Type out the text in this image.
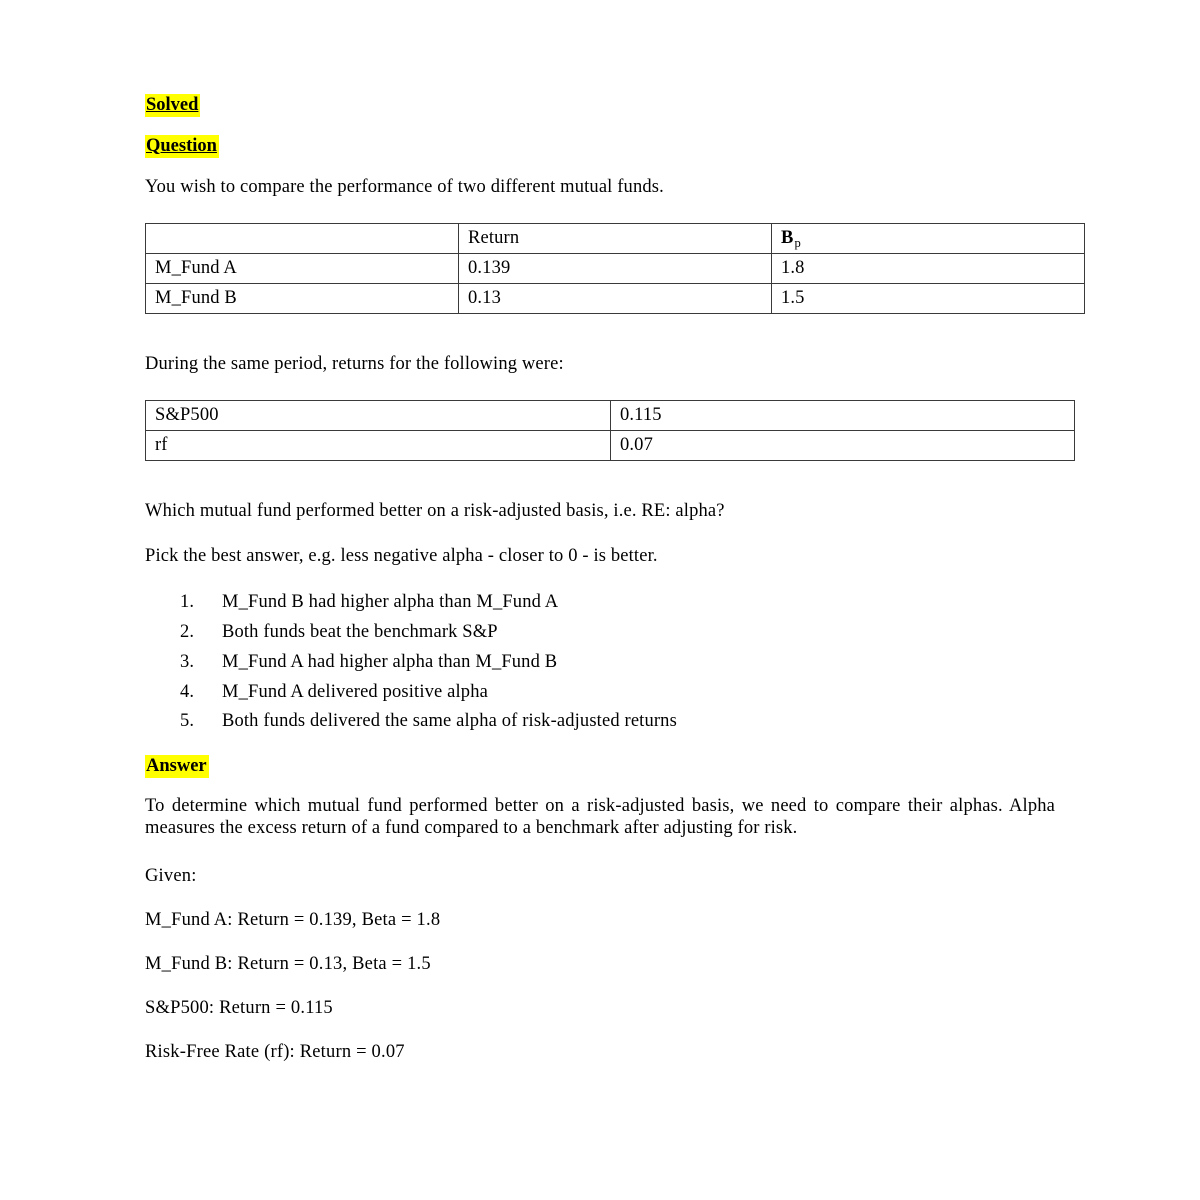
Solved
Question

You wish to compare the performance of two different mutual funds.

	Return	$B_p$
M_Fund A	0.139	1.8
M_Fund B	0.13	1.5

During the same period, returns for the following were:

S&P500	0.115
rf	0.07

Which mutual fund performed better on a risk-adjusted basis, i.e. RE: alpha?

Pick the best answer, e.g. less negative alpha - closer to 0 - is better.

1. M_Fund B had higher alpha than M_Fund A
2. Both funds beat the benchmark S&P
3. M_Fund A had higher alpha than M_Fund B
4. M_Fund A delivered positive alpha
5. Both funds delivered the same alpha of risk-adjusted returns
Answer

To determine which mutual fund performed better on a risk-adjusted basis, we need to compare their alphas. Alpha measures the excess return of a fund compared to a benchmark after adjusting for risk.

Given:

M_Fund A: Return = 0.139, Beta = 1.8

M_Fund B: Return = 0.13, Beta = 1.5

S&P500: Return = 0.115

Risk-Free Rate (rf): Return = 0.07
